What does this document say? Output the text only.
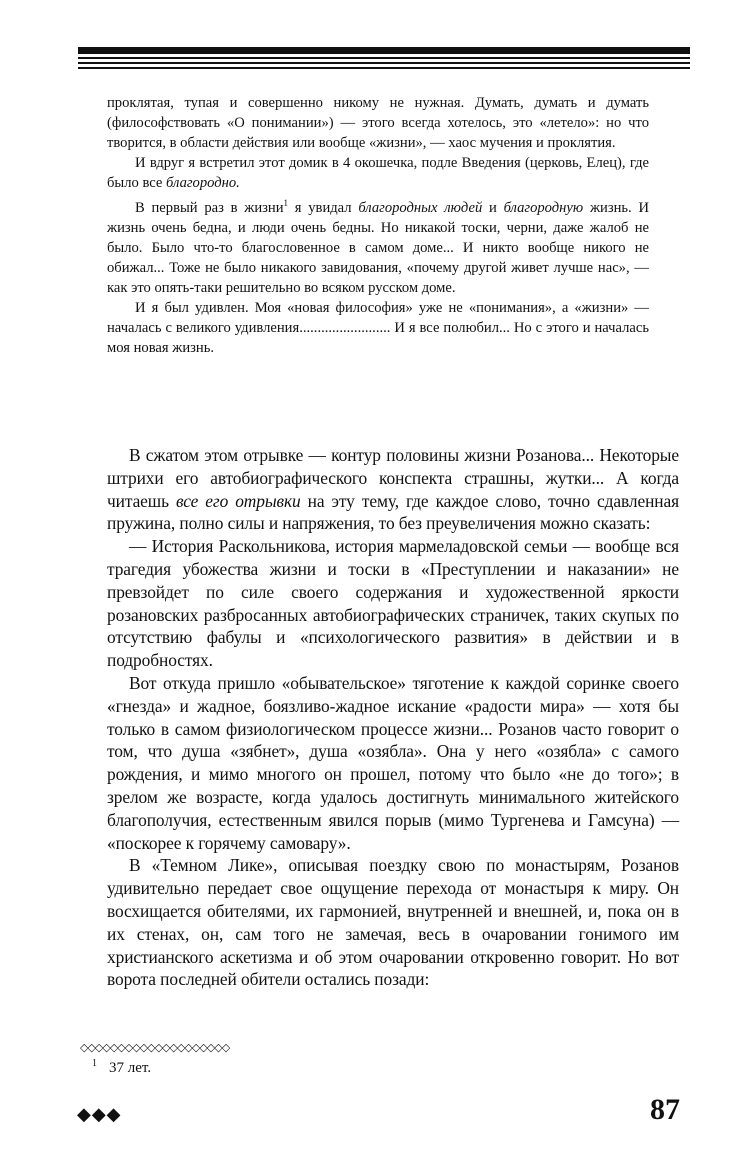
проклятая, тупая и совершенно никому не нужная. Думать, думать и думать (философствовать «О понимании») — этого всегда хотелось, это «летело»: но что творится, в области действия или вообще «жизни», — хаос мучения и проклятия.

И вдруг я встретил этот домик в 4 окошечка, подле Введения (церковь, Елец), где было все благородно.

В первый раз в жизни$^1$ я увидал благородных людей и благородную жизнь. И жизнь очень бедна, и люди очень бедны. Но никакой тоски, черни, даже жалоб не было. Было что-то благословенное в самом доме... И никто вообще никого не обижал... Тоже не было никакого завидования, «почему другой живет лучше нас», — как это опять-таки решительно во всяком русском доме.

И я был удивлен. Моя «новая философия» уже не «понимания», а «жизни» — началась с великого удивления......................... И я все полюбил... Но с этого и началась моя новая жизнь.

В сжатом этом отрывке — контур половины жизни Розанова... Некоторые штрихи его автобиографического конспекта страшны, жутки... А когда читаешь все его отрывки на эту тему, где каждое слово, точно сдавленная пружина, полно силы и напряжения, то без преувеличения можно сказать:

— История Раскольникова, история мармеладовской семьи — вообще вся трагедия убожества жизни и тоски в «Преступлении и наказании» не превзойдет по силе своего содержания и художественной яркости розановских разбросанных автобиографических страничек, таких скупых по отсутствию фабулы и «психологического развития» в действии и в подробностях.

Вот откуда пришло «обывательское» тяготение к каждой соринке своего «гнезда» и жадное, боязливо-жадное искание «радости мира» — хотя бы только в самом физиологическом процессе жизни... Розанов часто говорит о том, что душа «зябнет», душа «озябла». Она у него «озябла» с самого рождения, и мимо многого он прошел, потому что было «не до того»; в зрелом же возрасте, когда удалось достигнуть минимального житейского благополучия, естественным явился порыв (мимо Тургенева и Гамсуна) — «поскорее к горячему самовару».

В «Темном Лике», описывая поездку свою по монастырям, Розанов удивительно передает свое ощущение перехода от монастыря к миру. Он восхищается обителями, их гармонией, внутренней и внешней, и, пока он в их стенах, он, сам того не замечая, весь в очаровании гонимого им христианского аскетизма и об этом очаровании откровенно говорит. Но вот ворота последней обители остались позади:

◇◇◇◇◇◇◇◇◇◇◇◇◇◇◇◇◇◇◇◇
$^1$ 37 лет.
◆◆◆	87
